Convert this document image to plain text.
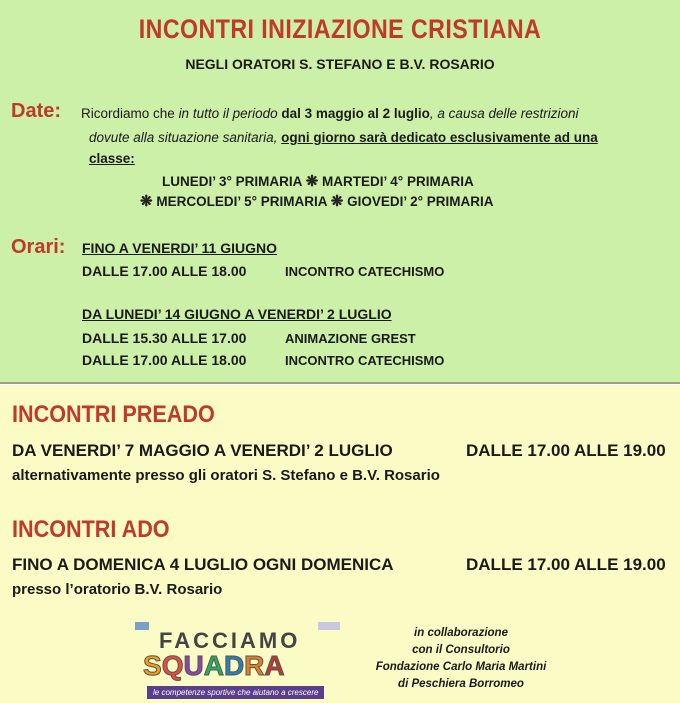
INCONTRI INIZIAZIONE CRISTIANA
NEGLI ORATORI S. STEFANO E B.V. ROSARIO
Date: Ricordiamo che in tutto il periodo dal 3 maggio al 2 luglio, a causa delle restrizioni
dovute alla situazione sanitaria, ogni giorno sarà dedicato esclusivamente ad una
classe:
LUNEDI’ 3° PRIMARIA ❋ MARTEDI’ 4° PRIMARIA
❋ MERCOLEDI’ 5° PRIMARIA ❋ GIOVEDI’ 2° PRIMARIA
Orari: FINO A VENERDI’ 11 GIUGNO
DALLE 17.00 ALLE 18.00	INCONTRO CATECHISMO
DA LUNEDI’ 14 GIUGNO A VENERDI’ 2 LUGLIO
DALLE 15.30 ALLE 17.00	ANIMAZIONE GREST
DALLE 17.00 ALLE 18.00	INCONTRO CATECHISMO
INCONTRI PREADO
DA VENERDI’ 7 MAGGIO A VENERDI’ 2 LUGLIO	DALLE 17.00 ALLE 19.00
alternativamente presso gli oratori S. Stefano e B.V. Rosario
INCONTRI ADO
FINO A DOMENICA 4 LUGLIO OGNI DOMENICA	DALLE 17.00 ALLE 19.00
presso l’oratorio B.V. Rosario
FACCIAMO
SQUADRA
le competenze sportive che aiutano a crescere
in collaborazione
con il Consultorio
Fondazione Carlo Maria Martini
di Peschiera Borromeo
